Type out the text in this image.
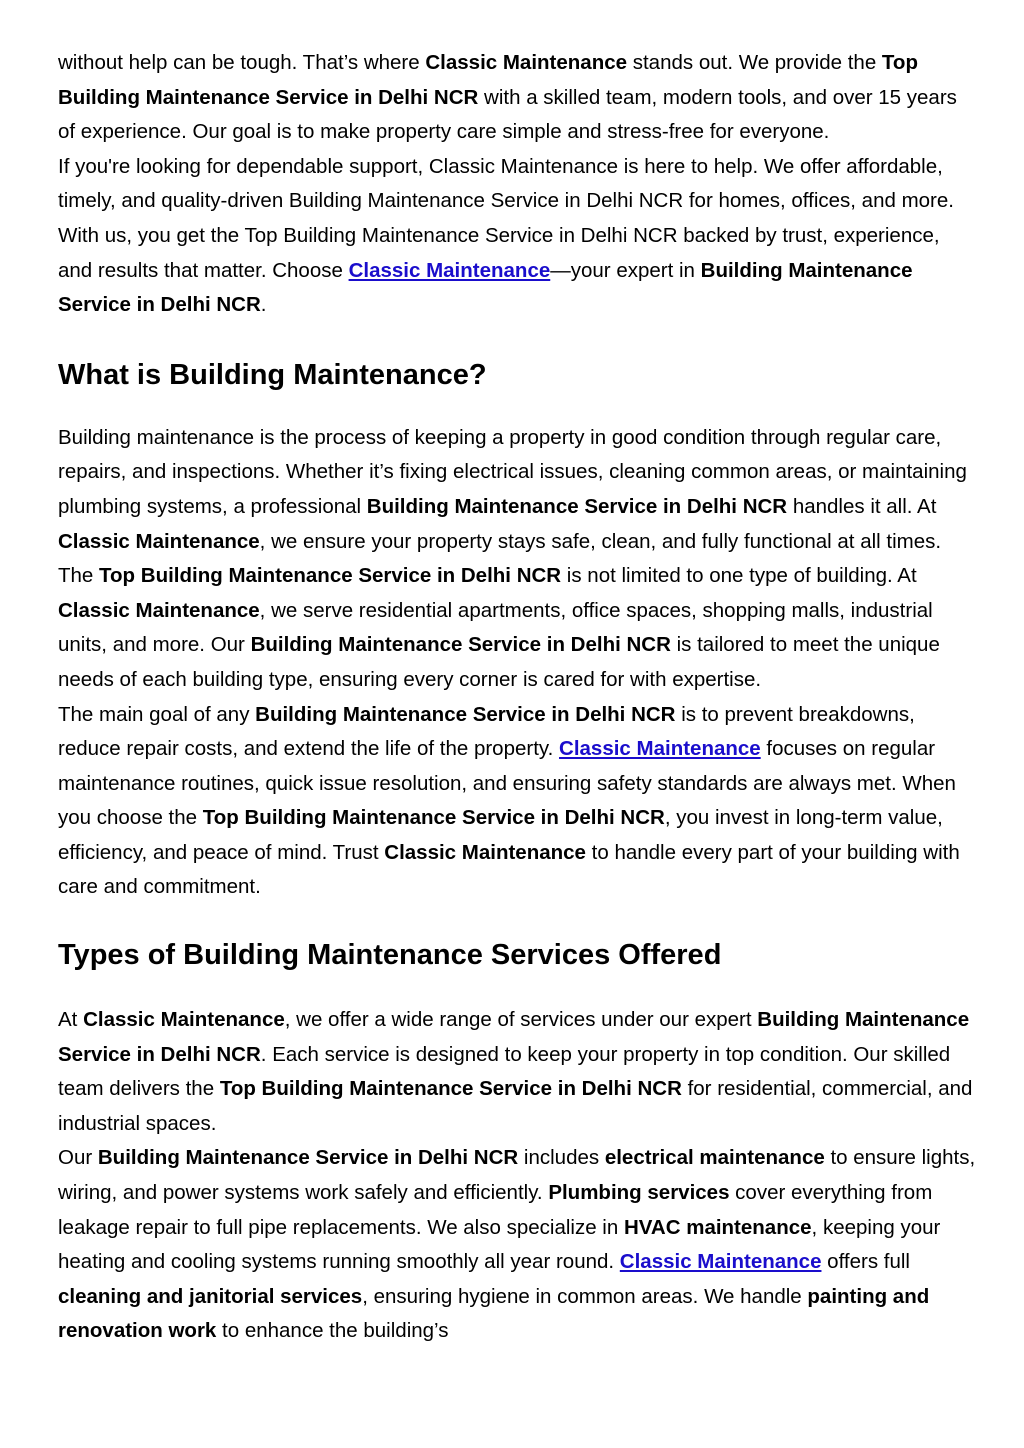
without help can be tough. That’s where Classic Maintenance stands out. We provide the Top Building Maintenance Service in Delhi NCR with a skilled team, modern tools, and over 15 years of experience. Our goal is to make property care simple and stress-free for everyone.
If you're looking for dependable support, Classic Maintenance is here to help. We offer affordable, timely, and quality-driven Building Maintenance Service in Delhi NCR for homes, offices, and more. With us, you get the Top Building Maintenance Service in Delhi NCR backed by trust, experience, and results that matter. Choose Classic Maintenance—your expert in Building Maintenance Service in Delhi NCR.

What is Building Maintenance?

Building maintenance is the process of keeping a property in good condition through regular care, repairs, and inspections. Whether it’s fixing electrical issues, cleaning common areas, or maintaining plumbing systems, a professional Building Maintenance Service in Delhi NCR handles it all. At Classic Maintenance, we ensure your property stays safe, clean, and fully functional at all times.
The Top Building Maintenance Service in Delhi NCR is not limited to one type of building. At Classic Maintenance, we serve residential apartments, office spaces, shopping malls, industrial units, and more. Our Building Maintenance Service in Delhi NCR is tailored to meet the unique needs of each building type, ensuring every corner is cared for with expertise.
The main goal of any Building Maintenance Service in Delhi NCR is to prevent breakdowns, reduce repair costs, and extend the life of the property. Classic Maintenance focuses on regular maintenance routines, quick issue resolution, and ensuring safety standards are always met. When you choose the Top Building Maintenance Service in Delhi NCR, you invest in long-term value, efficiency, and peace of mind. Trust Classic Maintenance to handle every part of your building with care and commitment.

Types of Building Maintenance Services Offered

At Classic Maintenance, we offer a wide range of services under our expert Building Maintenance Service in Delhi NCR. Each service is designed to keep your property in top condition. Our skilled team delivers the Top Building Maintenance Service in Delhi NCR for residential, commercial, and industrial spaces.
Our Building Maintenance Service in Delhi NCR includes electrical maintenance to ensure lights, wiring, and power systems work safely and efficiently. Plumbing services cover everything from leakage repair to full pipe replacements. We also specialize in HVAC maintenance, keeping your heating and cooling systems running smoothly all year round. Classic Maintenance offers full cleaning and janitorial services, ensuring hygiene in common areas. We handle painting and renovation work to enhance the building’s
